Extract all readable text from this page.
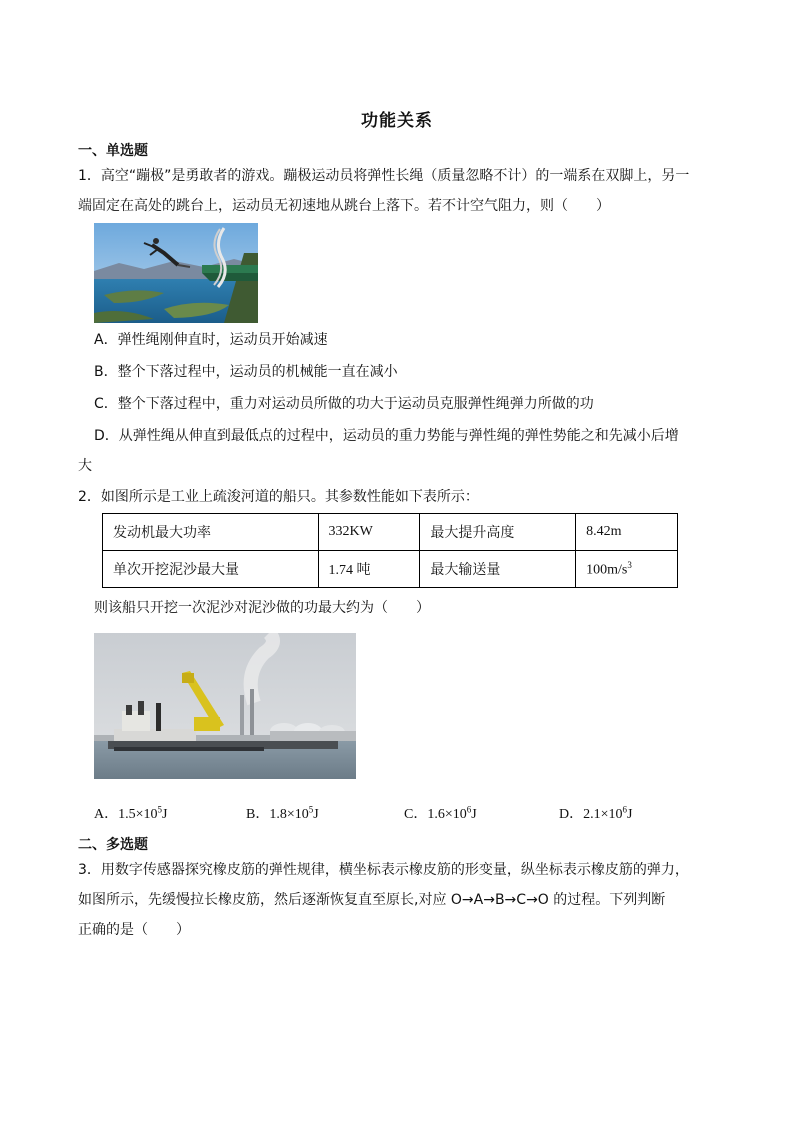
功能关系
一、单选题
1．高空“蹦极”是勇敢者的游戏。蹦极运动员将弹性长绳（质量忽略不计）的一端系在双脚上，另一
端固定在高处的跳台上，运动员无初速地从跳台上落下。若不计空气阻力，则（　　）
A．弹性绳刚伸直时，运动员开始减速
B．整个下落过程中，运动员的机械能一直在减小
C．整个下落过程中，重力对运动员所做的功大于运动员克服弹性绳弹力所做的功
D．从弹性绳从伸直到最低点的过程中，运动员的重力势能与弹性绳的弹性势能之和先减小后增
大
2．如图所示是工业上疏浚河道的船只。其参数性能如下表所示：
发动机最大功率	332KW	最大提升高度	8.42m
单次开挖泥沙最大量	1.74 吨	最大输送量	$100m/s^3$
则该船只开挖一次泥沙对泥沙做的功最大约为（　　）
A．$1.5\times 10^5J$	B．$1.8\times 10^5J$	C．$1.6\times 10^6J$	D．$2.1\times 10^6J$
二、多选题
3．用数字传感器探究橡皮筋的弹性规律，横坐标表示橡皮筋的形变量，纵坐标表示橡皮筋的弹力，
如图所示，先缓慢拉长橡皮筋，然后逐渐恢复直至原长,对应 O→A→B→C→O 的过程。下列判断
正确的是（　　）
